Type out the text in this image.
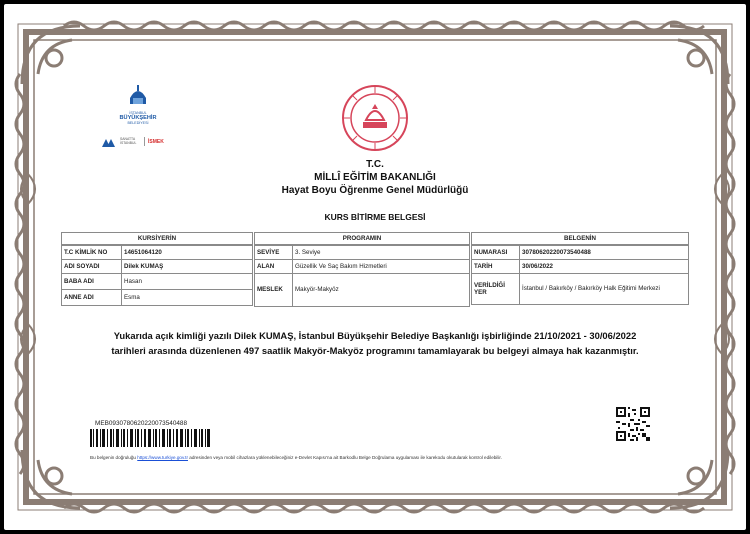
İSTANBUL
BÜYÜKŞEHİR
BELEDİYESİ
SANATTA
İSTANBUL İSMEK
T.C.
MİLLÎ EĞİTİM BAKANLIĞI
Hayat Boyu Öğrenme Genel Müdürlüğü
KURS BİTİRME BELGESİ
KURSİYERİN	PROGRAMIN	BELGENİN
T.C KİMLİK NO	14651064120
ADI SOYADI	Dilek KUMAŞ
BABA ADI	Hasan
ANNE ADI	Esma
SEVİYE	3. Seviye
ALAN	Güzellik Ve Saç Bakım Hizmetleri
MESLEK	Makyör-Makyöz
NUMARASI	307806202200735404​88
TARİH	30/06/2022
VERİLDİĞİ YER	İstanbul / Bakırköy / Bakırköy Halk Eğitimi Merkezi
Yukarıda açık kimliği yazılı Dilek KUMAŞ, İstanbul Büyükşehir Belediye Başkanlığı işbirliğinde 21/10/2021 - 30/06/2022
tarihleri arasında düzenlenen 497 saatlik Makyör-Makyöz programını tamamlayarak bu belgeyi almaya hak kazanmıştır.
MEB093078062022007354048​8
Bu belgenin doğruluğu https://www.turkiye.gov.tr adresinden veya mobil cihazlara yüklenebileceğiniz e-Devlet Kapısı'na ait Barkodlu Belge Doğrulama uygulaması ile karekodu okutularak kontrol edilebilir.
